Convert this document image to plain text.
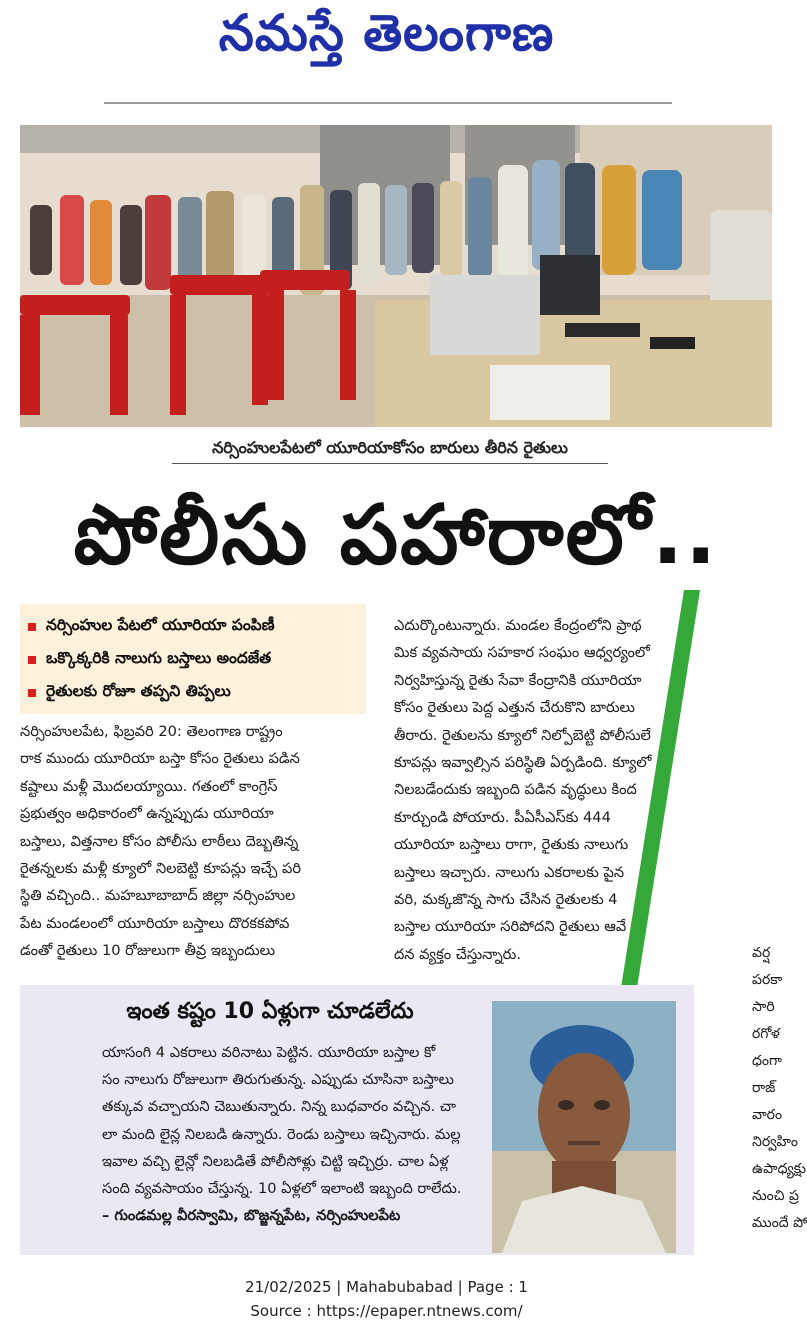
నమస్తే తెలంగాణ
నర్సింహులపేటలో యూరియాకోసం బారులు తీరిన రైతులు
పోలీసు పహారాలో..
నర్సింహుల పేటలో యూరియా పంపిణీ
ఒక్కొక్కరికి నాలుగు బస్తాలు అందజేత
రైతులకు రోజూ తప్పని తిప్పలు
నర్సింహులపేట, ఫిబ్రవరి 20: తెలంగాణ రాష్ట్రం
రాక ముందు యూరియా బస్తా కోసం రైతులు పడిన
కష్టాలు మళ్లీ మొదలయ్యాయి. గతంలో కాంగ్రెస్
ప్రభుత్వం అధికారంలో ఉన్నప్పుడు యూరియా
బస్తాలు, విత్తనాల కోసం పోలీసు లాఠీలు దెబ్బతిన్న
రైతన్నలకు మళ్లీ క్యూలో నిలబెట్టి కూపన్లు ఇచ్చే పరి
స్థితి వచ్చింది.. మహబూబాబాద్ జిల్లా నర్సింహుల
పేట మండలంలో యూరియా బస్తాలు దొరకకపోవ
డంతో రైతులు 10 రోజులుగా తీవ్ర ఇబ్బందులు
ఎదుర్కొంటున్నారు. మండల కేంద్రంలోని ప్రాథ
మిక వ్యవసాయ సహకార సంఘం ఆధ్వర్యంలో
నిర్వహిస్తున్న రైతు సేవా కేంద్రానికి యూరియా
కోసం రైతులు పెద్ద ఎత్తున చేరుకొని బారులు
తీరారు. రైతులను క్యూలో నిల్పోబెట్టి పోలీసులే
కూపన్లు ఇవ్వాల్సిన పరిస్థితి ఏర్పడింది. క్యూలో
నిలబడేందుకు ఇబ్బంది పడిన వృద్ధులు కింద
కూర్చుండి పోయారు. పీఏసీఎస్‌కు 444
యూరియా బస్తాలు రాగా, రైతుకు నాలుగు
బస్తాలు ఇచ్చారు. నాలుగు ఎకరాలకు పైన
వరి, మక్కజొన్న సాగు చేసిన రైతులకు 4
బస్తాల యూరియా సరిపోదని రైతులు ఆవే
దన వ్యక్తం చేస్తున్నారు.	వర్ష
పరకా
సారి
రగోళ
ధంగా
రాజ్
వారం
నిర్వహిం
ఉపాధ్యక్షు
నుంచి ప్ర
ముందే పో
ఇంత కష్టం 10 ఏళ్లుగా చూడలేదు
యాసంగి 4 ఎకరాలు వరినాటు పెట్టిన. యూరియా బస్తాల కో
సం నాలుగు రోజులుగా తిరుగుతున్న. ఎప్పుడు చూసినా బస్తాలు
తక్కువ వచ్చాయని చెబుతున్నారు. నిన్న బుధవారం వచ్చిన. చా
లా మంది లైన్ల నిలబడి ఉన్నారు. రెండు బస్తాలు ఇచ్చినారు. మల్ల
ఇవాల వచ్చి లైన్లో నిలబడితే పోలీసోళ్లు చిట్టి ఇచ్చిర్రు. చాల ఏళ్ల
సంది వ్యవసాయం చేస్తున్న. 10 ఏళ్లలో ఇలాంటి ఇబ్బంది రాలేదు.
– గుండమల్ల వీరస్వామి, బొజ్జన్నపేట, నర్సింహులపేట
21/02/2025 | Mahabubabad | Page : 1
Source : https://epaper.ntnews.com/
